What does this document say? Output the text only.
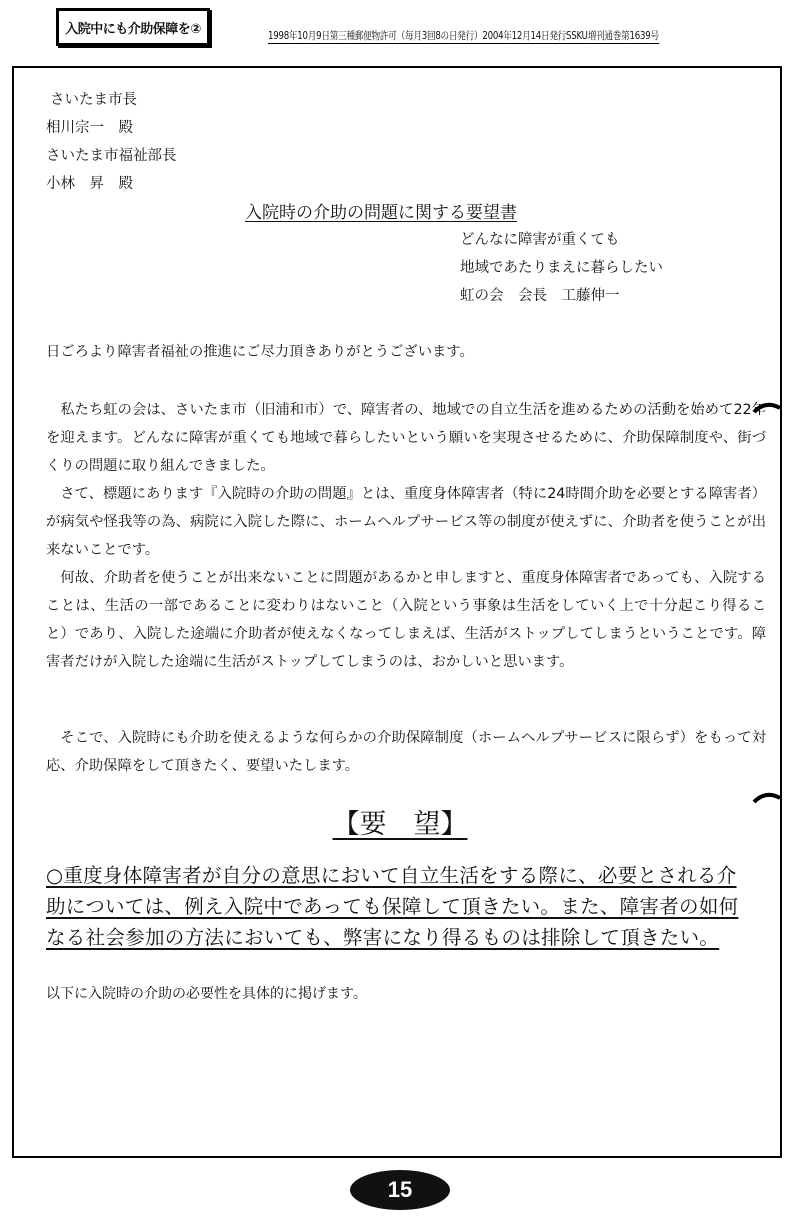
入院中にも介助保障を②	1998年10月9日第三種郵便物許可（毎月3回8の日発行）2004年12月14日発行SSKU増刊通巻第1639号
さいたま市長
相川宗一　殿
さいたま市福祉部長
小林　昇　殿
入院時の介助の問題に関する要望書
どんなに障害が重くても
地域であたりまえに暮らしたい
虹の会　会長　工藤伸一

日ごろより障害者福祉の推進にご尽力頂きありがとうございます。

私たち虹の会は、さいたま市（旧浦和市）で、障害者の、地域での自立生活を進めるための活動を始めて22年を迎えます。どんなに障害が重くても地域で暮らしたいという願いを実現させるために、介助保障制度や、街づくりの問題に取り組んできました。

さて、標題にあります『入院時の介助の問題』とは、重度身体障害者（特に24時間介助を必要とする障害者）が病気や怪我等の為、病院に入院した際に、ホームヘルプサービス等の制度が使えずに、介助者を使うことが出来ないことです。

何故、介助者を使うことが出来ないことに問題があるかと申しますと、重度身体障害者であっても、入院することは、生活の一部であることに変わりはないこと（入院という事象は生活をしていく上で十分起こり得ること）であり、入院した途端に介助者が使えなくなってしまえば、生活がストップしてしまうということです。障害者だけが入院した途端に生活がストップしてしまうのは、おかしいと思います。

そこで、入院時にも介助を使えるような何らかの介助保障制度（ホームヘルプサービスに限らず）をもって対応、介助保障をして頂きたく、要望いたします。

【要　望】
○重度身体障害者が自分の意思において自立生活をする際に、必要とされる介助については、例え入院中であっても保障して頂きたい。また、障害者の如何なる社会参加の方法においても、弊害になり得るものは排除して頂きたい。
以下に入院時の介助の必要性を具体的に掲げます。
15
